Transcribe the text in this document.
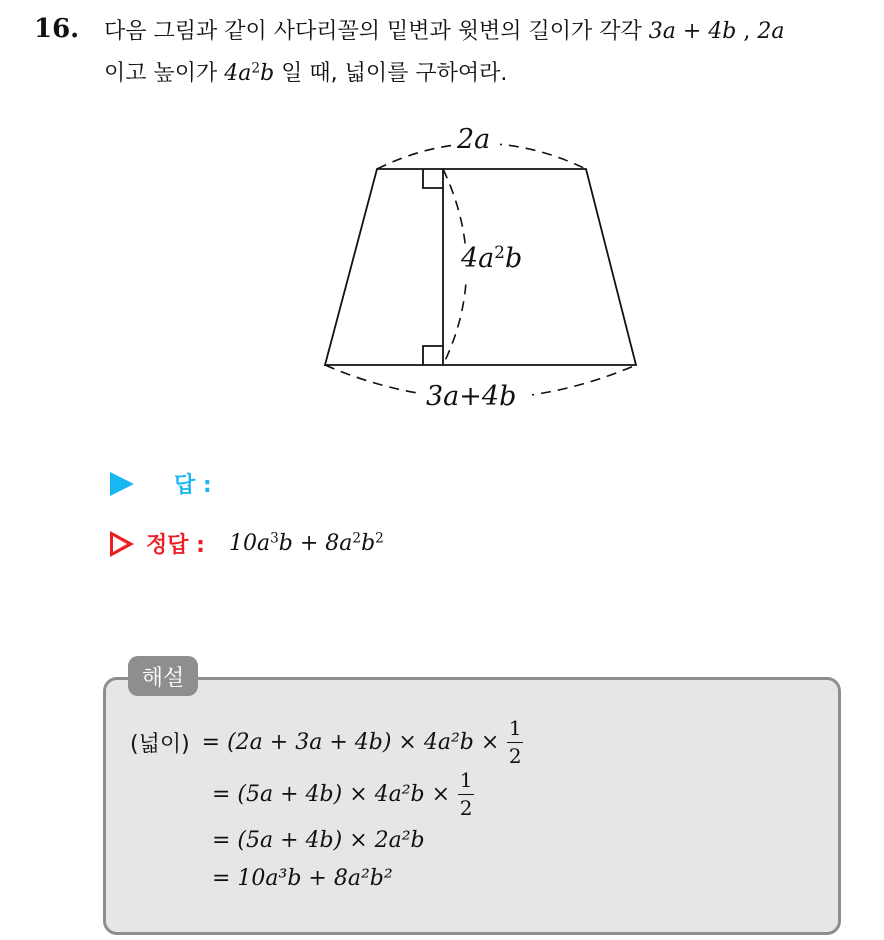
16. 다음 그림과 같이 사다리꼴의 밑변과 윗변의 길이가 각각 3a + 4b , 2a
이고 높이가 $4a^2b$ 일 때, 넓이를 구하여라.
2a
$4a^2b$
3a+4b
답 :
정답 : $10a^3b + 8a^2b^2$
해설
(넓이) = $(2a + 3a + 4b) \times 4a^2b \times \frac{1}{2}$
= $(5a + 4b) \times 4a^2b \times \frac{1}{2}$
= (5a + 4b) × 2a²b
= 10a³b + 8a²b²
